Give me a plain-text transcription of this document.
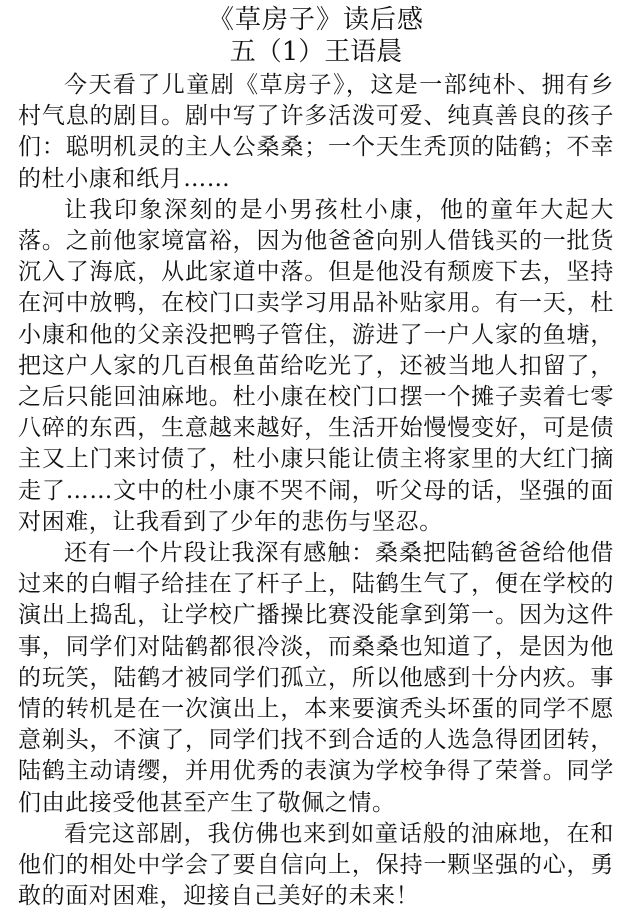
《草房子》读后感
五（1）王语晨

今天看了儿童剧《草房子》，这是一部纯朴、拥有乡村气息的剧目。剧中写了许多活泼可爱、纯真善良的孩子们：聪明机灵的主人公桑桑；一个天生秃顶的陆鹤；不幸的杜小康和纸月……

让我印象深刻的是小男孩杜小康，他的童年大起大落。之前他家境富裕，因为他爸爸向别人借钱买的一批货沉入了海底，从此家道中落。但是他没有颓废下去，坚持在河中放鸭，在校门口卖学习用品补贴家用。有一天，杜小康和他的父亲没把鸭子管住，游进了一户人家的鱼塘，把这户人家的几百根鱼苗给吃光了，还被当地人扣留了，之后只能回油麻地。杜小康在校门口摆一个摊子卖着七零八碎的东西，生意越来越好，生活开始慢慢变好，可是债主又上门来讨债了，杜小康只能让债主将家里的大红门摘走了……文中的杜小康不哭不闹，听父母的话，坚强的面对困难，让我看到了少年的悲伤与坚忍。

还有一个片段让我深有感触：桑桑把陆鹤爸爸给他借过来的白帽子给挂在了杆子上，陆鹤生气了，便在学校的演出上捣乱，让学校广播操比赛没能拿到第一。因为这件事，同学们对陆鹤都很冷淡，而桑桑也知道了，是因为他的玩笑，陆鹤才被同学们孤立，所以他感到十分内疚。事情的转机是在一次演出上，本来要演秃头坏蛋的同学不愿意剃头，不演了，同学们找不到合适的人选急得团团转，陆鹤主动请缨，并用优秀的表演为学校争得了荣誉。同学们由此接受他甚至产生了敬佩之情。

看完这部剧，我仿佛也来到如童话般的油麻地，在和他们的相处中学会了要自信向上，保持一颗坚强的心，勇敢的面对困难，迎接自己美好的未来！
